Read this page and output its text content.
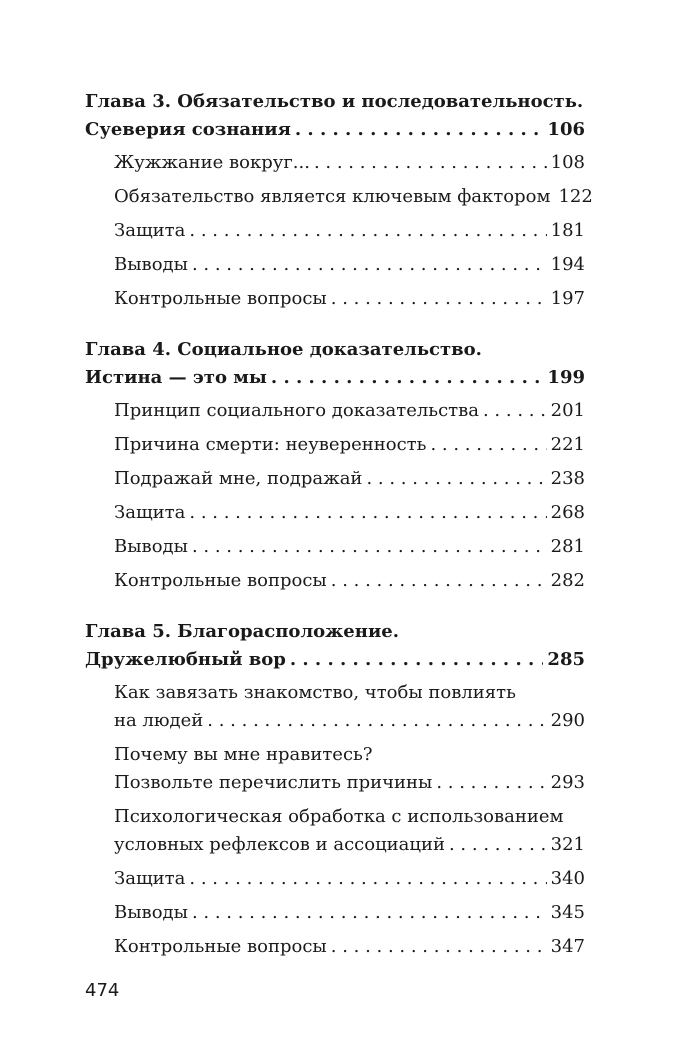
Глава 3. Обязательство и последовательность.
Суеверия сознания . . .	106
Жужжание вокруг... . . .	108
Обязательство является ключевым фактором 122
Защита . . .	181
Выводы . . .	194
Контрольные вопросы . . .	197
Глава 4. Социальное доказательство.
Истина — это мы . . .	199
Принцип социального доказательства . . .	201
Причина смерти: неуверенность . . .	221
Подражай мне, подражай . . .	238
Защита . . .	268
Выводы . . .	281
Контрольные вопросы . . .	282
Глава 5. Благорасположение.
Дружелюбный вор . . .	285
Как завязать знакомство, чтобы повлиять
на людей . . .	290
Почему вы мне нравитесь?
Позвольте перечислить причины . . .	293
Психологическая обработка с использованием
условных рефлексов и ассоциаций . . .	321
Защита . . .	340
Выводы . . .	345
Контрольные вопросы . . .	347
474
